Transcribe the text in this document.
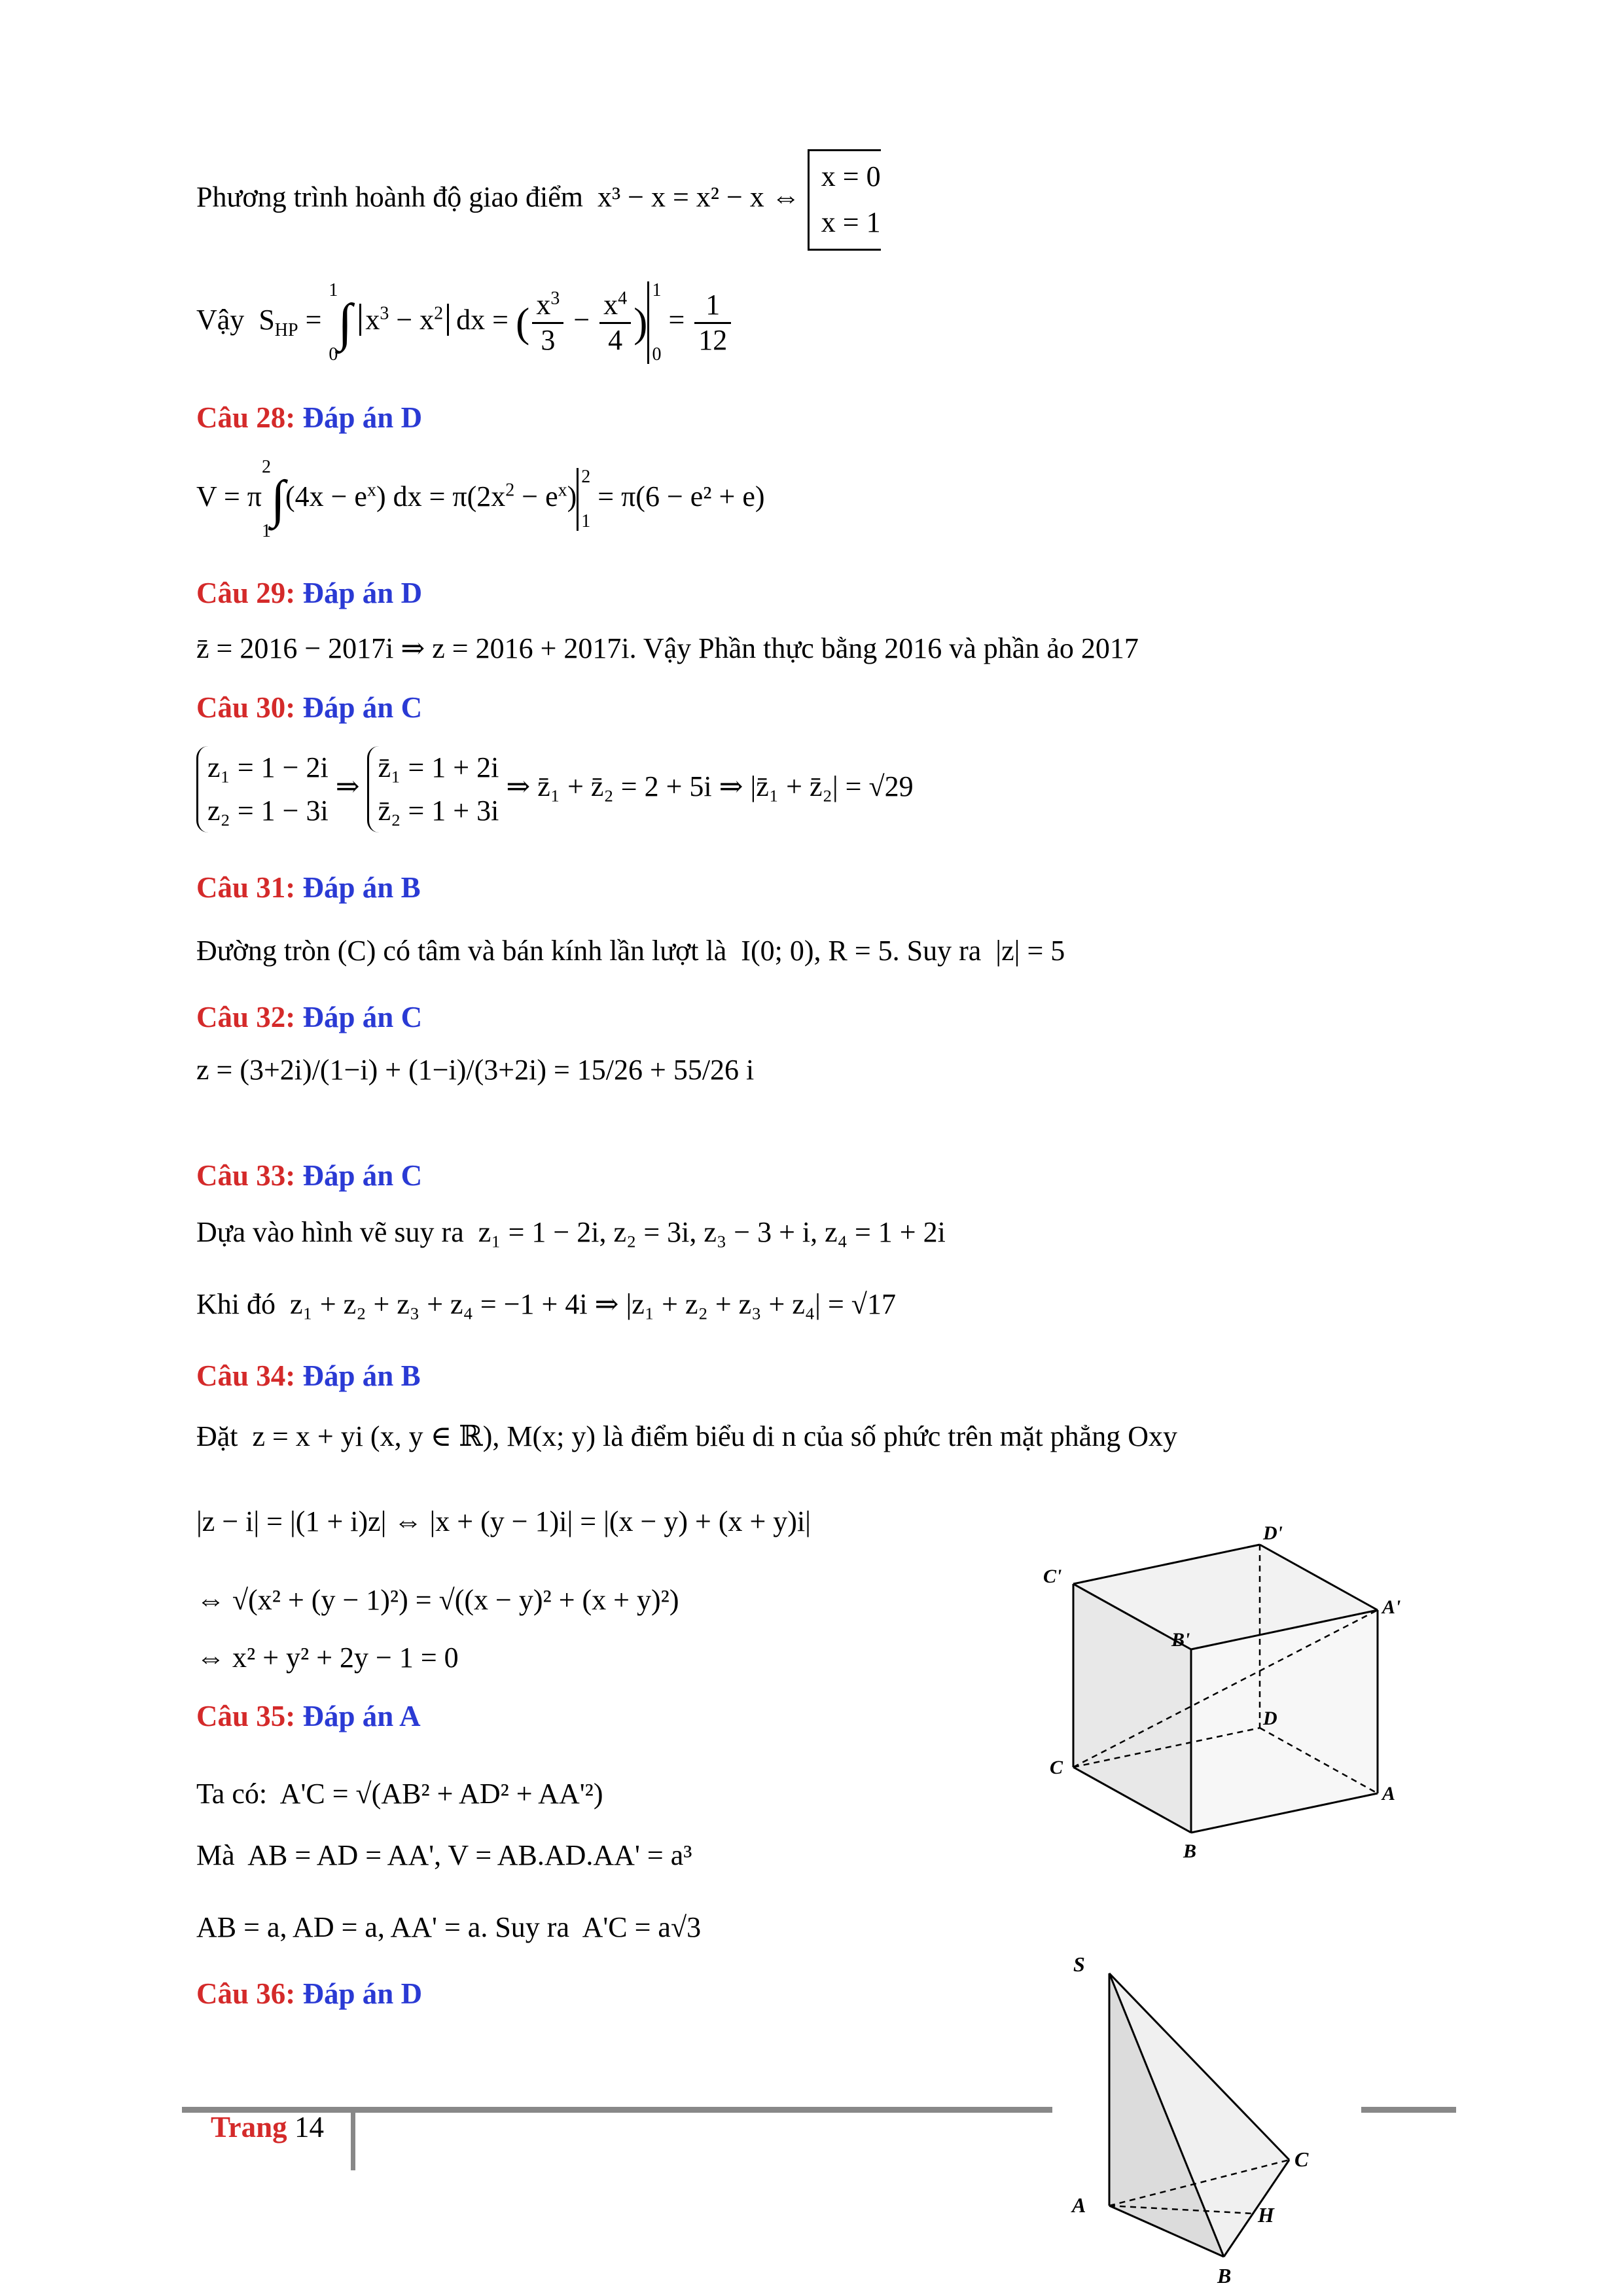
Phương trình hoành độ giao điểm x³ − x = x² − x ⇔
x = 0
x = 1
Vậy  $S_{HP}$ =
1
0
∫ $x^3 - x^2$ dx = ( $\frac{x^3}{3} - \frac{x^4}{4}$ )
1
0
= $\frac{1}{12}$
Câu 28: Đáp án D
V = π
2
1
$\int(4x - e^x)$ dx = $\pi(2x^2 - e^x)$
2
1
= π(6 − e² + e)
Câu 29: Đáp án D
z̄ = 2016 − 2017i ⇒ z = 2016 + 2017i. Vậy Phần thực bằng 2016 và phần ảo 2017
Câu 30: Đáp án C
z₁ = 1 − 2i
z₂ = 1 − 3i
⇒
z̄₁ = 1 + 2i
z̄₂ = 1 + 3i
⇒ z̄₁ + z̄₂ = 2 + 5i ⇒ |z̄₁ + z̄₂| = √29
Câu 31: Đáp án B
Đường tròn (C) có tâm và bán kính lần lượt là I(0; 0), R = 5. Suy ra |z| = 5
Câu 32: Đáp án C
z = (3+2i)/(1−i) + (1−i)/(3+2i) = 15/26 + 55/26 i
Câu 33: Đáp án C
Dựa vào hình vẽ suy ra z₁ = 1 − 2i, z₂ = 3i, z₃ − 3 + i, z₄ = 1 + 2i
Khi đó z₁ + z₂ + z₃ + z₄ = −1 + 4i ⇒ |z₁ + z₂ + z₃ + z₄| = √17
Câu 34: Đáp án B
Đặt z = x + yi (x, y ∈ ℝ), M(x; y) là điểm biểu di n của số phức trên mặt phẳng Oxy
|z − i| = |(1 + i)z| ⇔ |x + (y − 1)i| = |(x − y) + (x + y)i|
⇔ √(x² + (y − 1)²) = √((x − y)² + (x + y)²)
⇔ x² + y² + 2y − 1 = 0
Câu 35: Đáp án A
Ta có: A'C = √(AB² + AD² + AA'²)
Mà AB = AD = AA', V = AB.AD.AA' = a³
AB = a, AD = a, AA' = a. Suy ra A'C = a√3
Câu 36: Đáp án D
C'
D'
B'
A'
D
C
A
B
S
C
A	H
B
Trang 14
